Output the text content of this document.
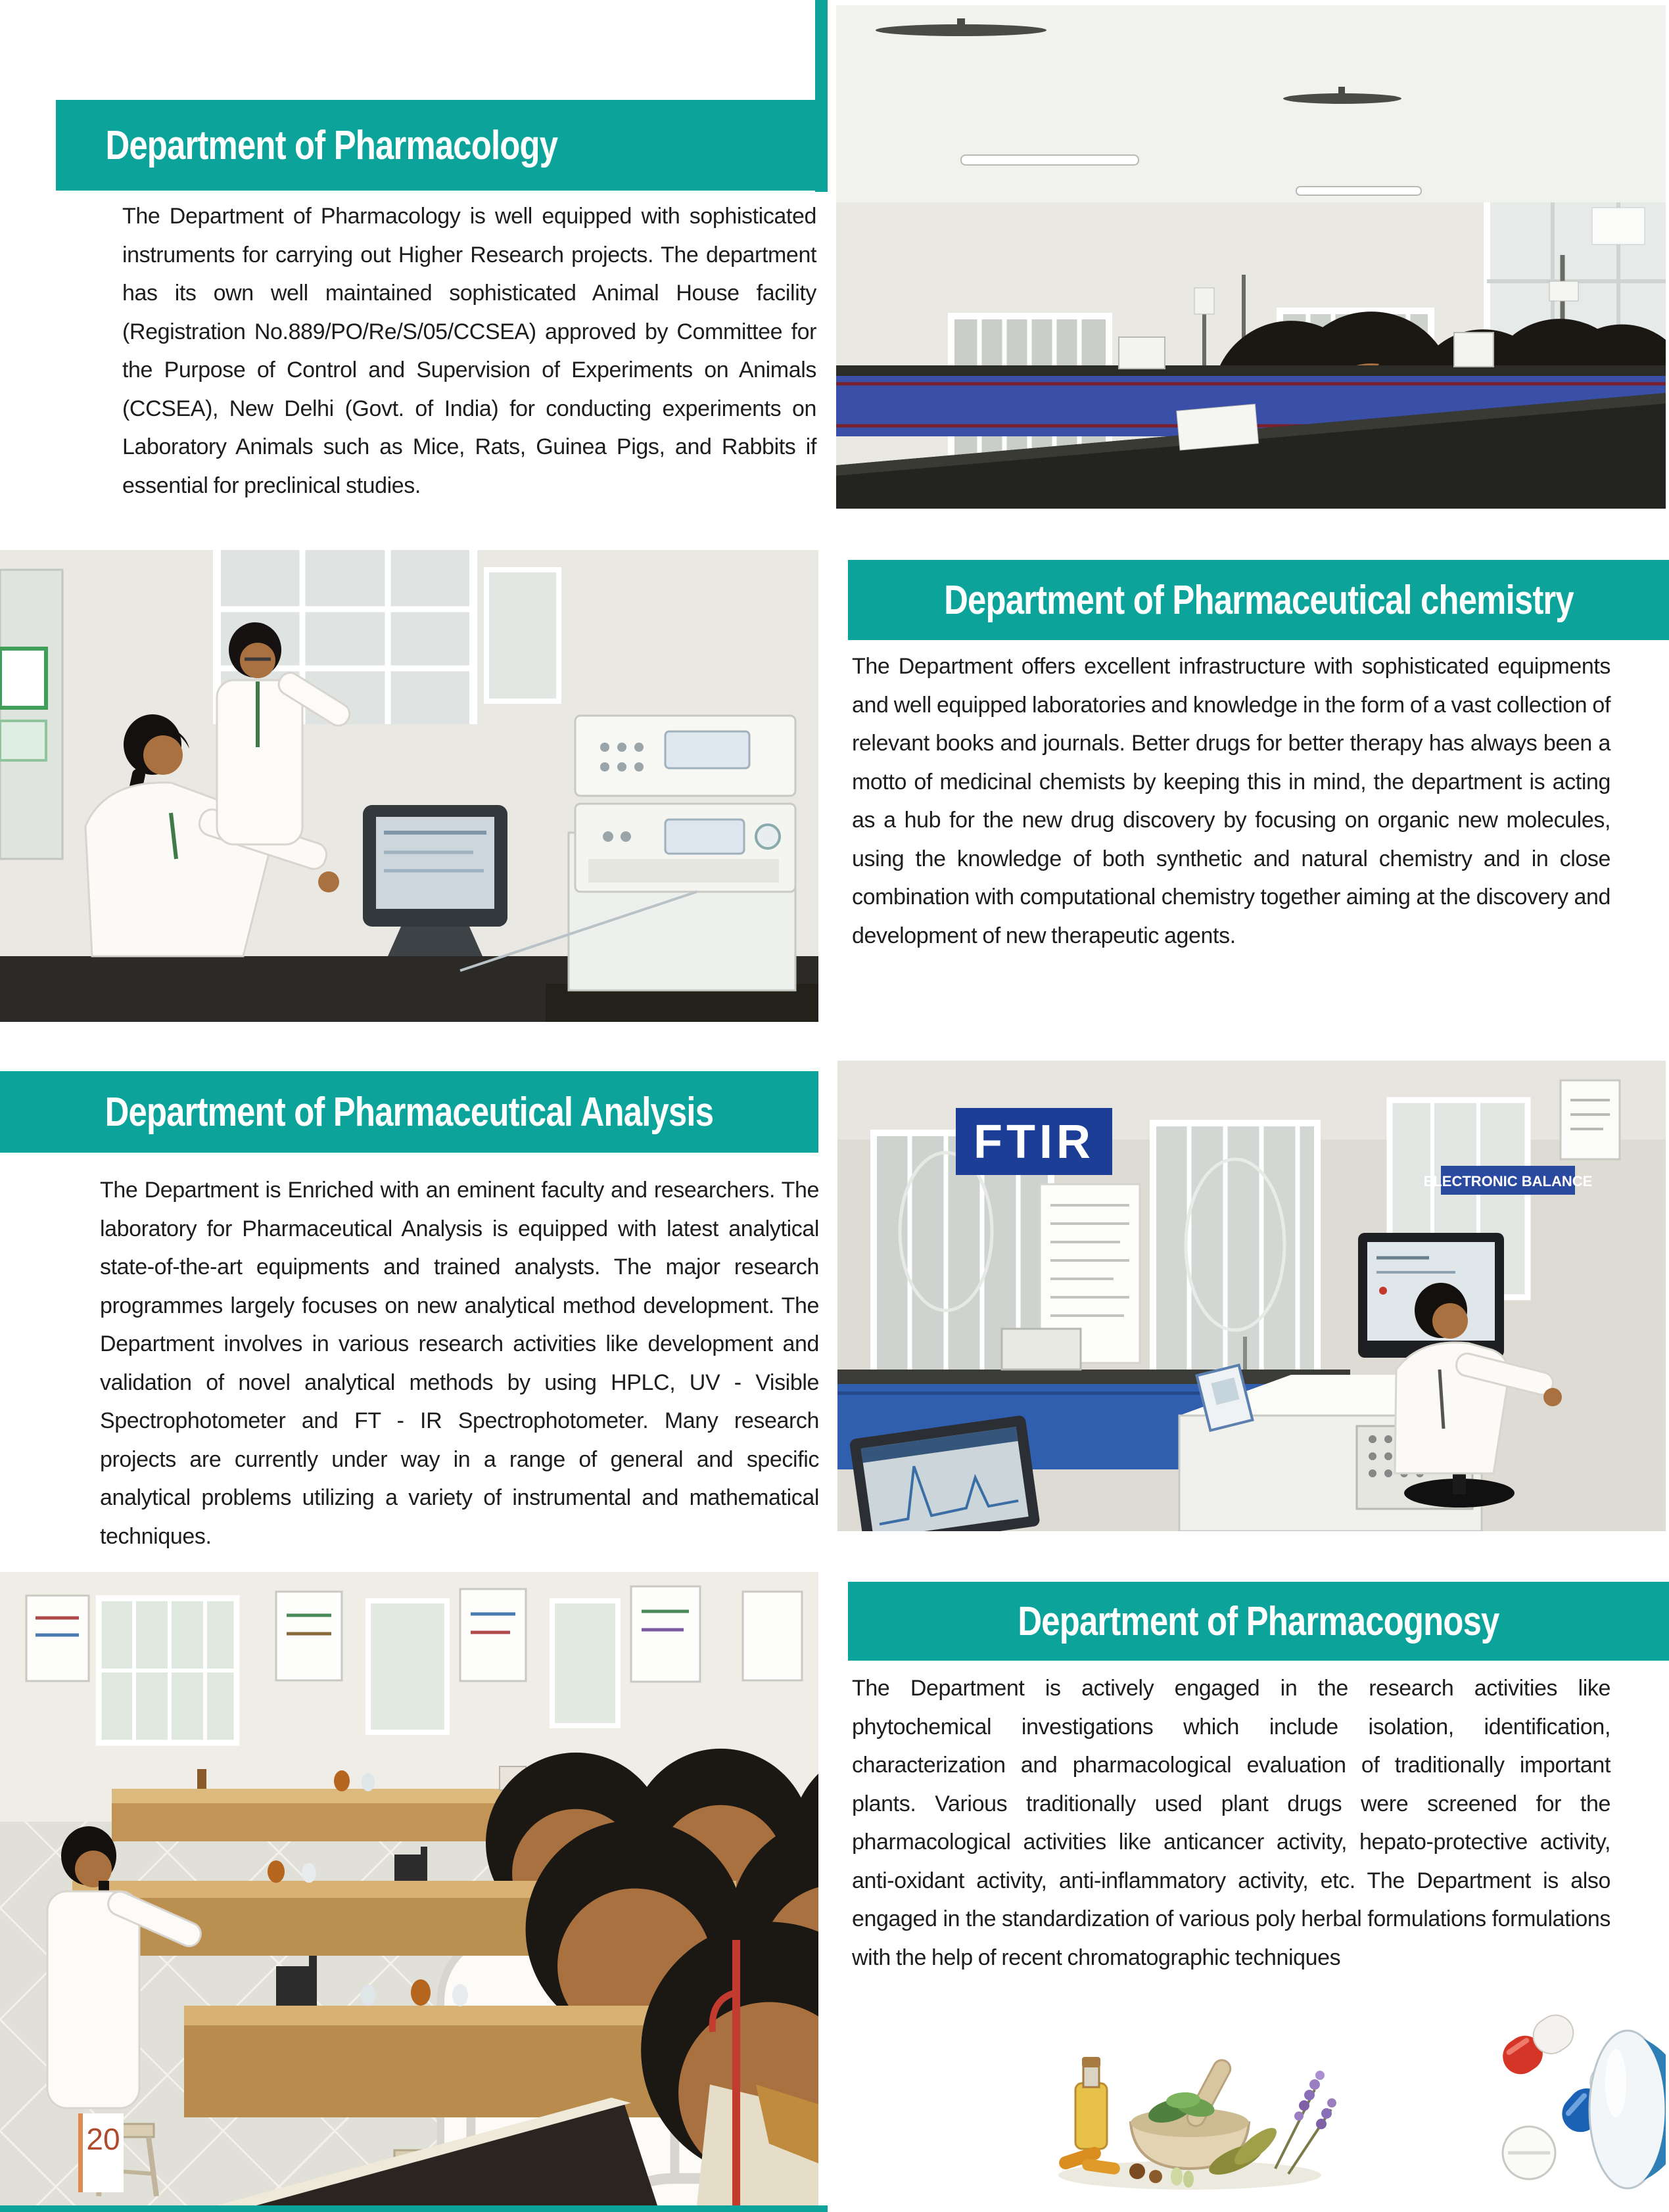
Department of Pharmacology

The Department of Pharmacology is well equipped with sophisticated instruments for carrying out Higher Research projects. The department has its own well maintained sophisticated Animal House facility (Registration No.889/PO/Re/S/05/CCSEA) approved by Committee for the Purpose of Control and Supervision of Experiments on Animals (CCSEA), New Delhi (Govt. of India) for conducting experiments on Laboratory Animals such as Mice, Rats, Guinea Pigs, and Rabbits if essential for preclinical studies.

Department of Pharmaceutical chemistry

The Department offers excellent infrastructure with sophisticated equipments and well equipped laboratories and knowledge in the form of a vast collection of relevant books and journals. Better drugs for better therapy has always been a motto of medicinal chemists by keeping this in mind, the department is acting as a hub for the new drug discovery by focusing on organic new molecules, using the knowledge of both synthetic and natural chemistry and in close combination with computational chemistry together aiming at the discovery and development of new therapeutic agents.

Department of Pharmaceutical Analysis

The Department is Enriched with an eminent faculty and researchers. The laboratory for Pharmaceutical Analysis is equipped with latest analytical state-of-the-art equipments and trained analysts. The major research programmes largely focuses on new analytical method development. The Department involves in various research activities like development and validation of novel analytical methods by using HPLC, UV - Visible Spectrophotometer and FT - IR Spectrophotometer. Many research projects are currently under way in a range of general and specific analytical problems utilizing a variety of instrumental and mathematical techniques.

FTIR
ELECTRONIC BALANCE
Department of Pharmacognosy

The Department is actively engaged in the research activities like phytochemical investigations which include isolation, identification, characterization and pharmacological evaluation of traditionally important plants. Various traditionally used plant drugs were screened for the pharmacological activities like anticancer activity, hepato-protective activity, anti-oxidant activity, anti-inflammatory activity, etc. The Department is also engaged in the standardization of various poly herbal formulations formulations with the help of recent chromatographic techniques

20
